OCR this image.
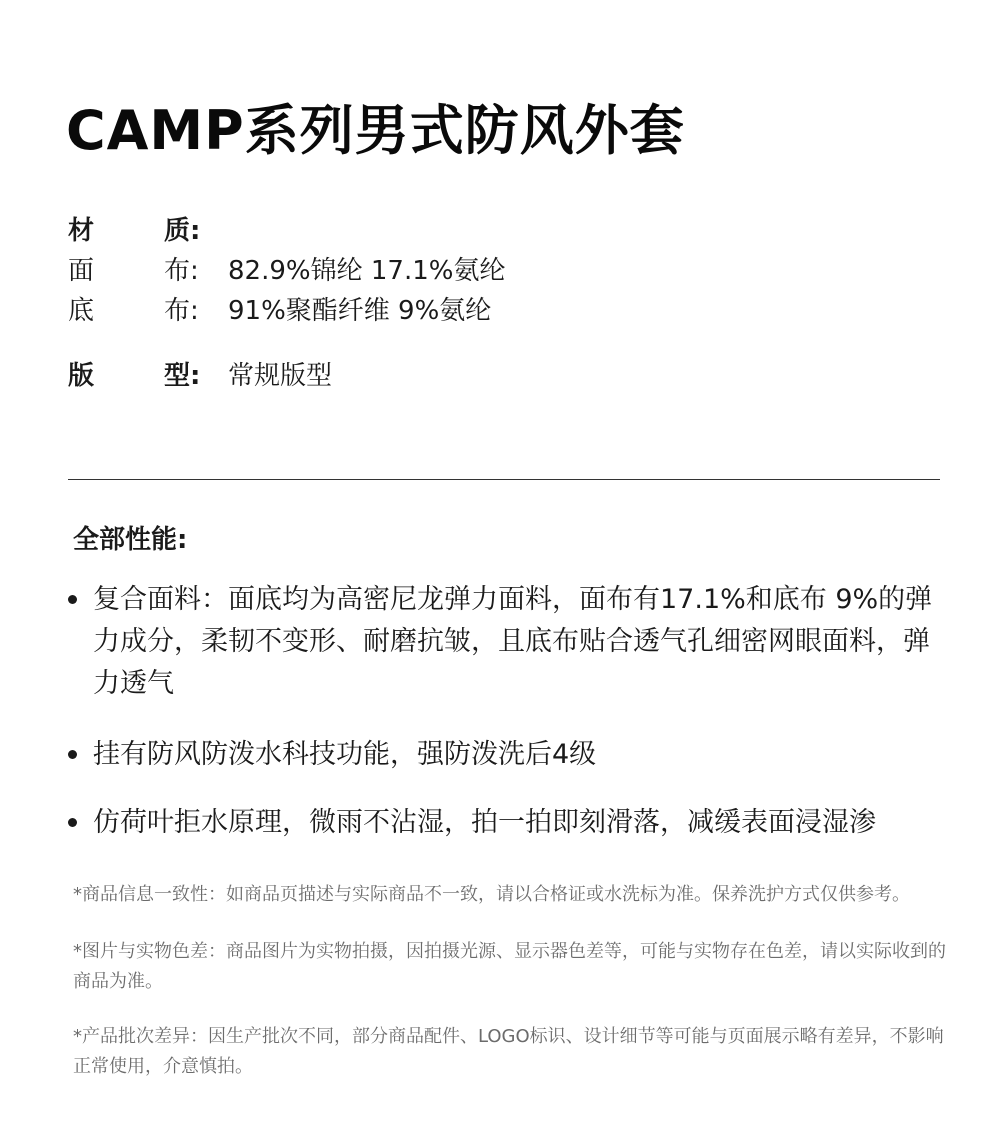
CAMP系列男式防风外套
材	质:
面	布: 82.9%锦纶 17.1%氨纶
底	布: 91%聚酯纤维 9%氨纶
版	型: 常规版型
全部性能:
复合面料：面底均为高密尼龙弹力面料，面布有17.1%和底布 9%的弹力成分，柔韧不变形、耐磨抗皱，且底布贴合透气孔细密网眼面料，弹力透气
挂有防风防泼水科技功能，强防泼洗后4级
仿荷叶拒水原理，微雨不沾湿，拍一拍即刻滑落，减缓表面浸湿渗
*商品信息一致性：如商品页描述与实际商品不一致，请以合格证或水洗标为准。保养洗护方式仅供参考。
*图片与实物色差：商品图片为实物拍摄，因拍摄光源、显示器色差等，可能与实物存在色差，请以实际收到的商品为准。
*产品批次差异：因生产批次不同，部分商品配件、LOGO标识、设计细节等可能与页面展示略有差异，不影响正常使用，介意慎拍。
